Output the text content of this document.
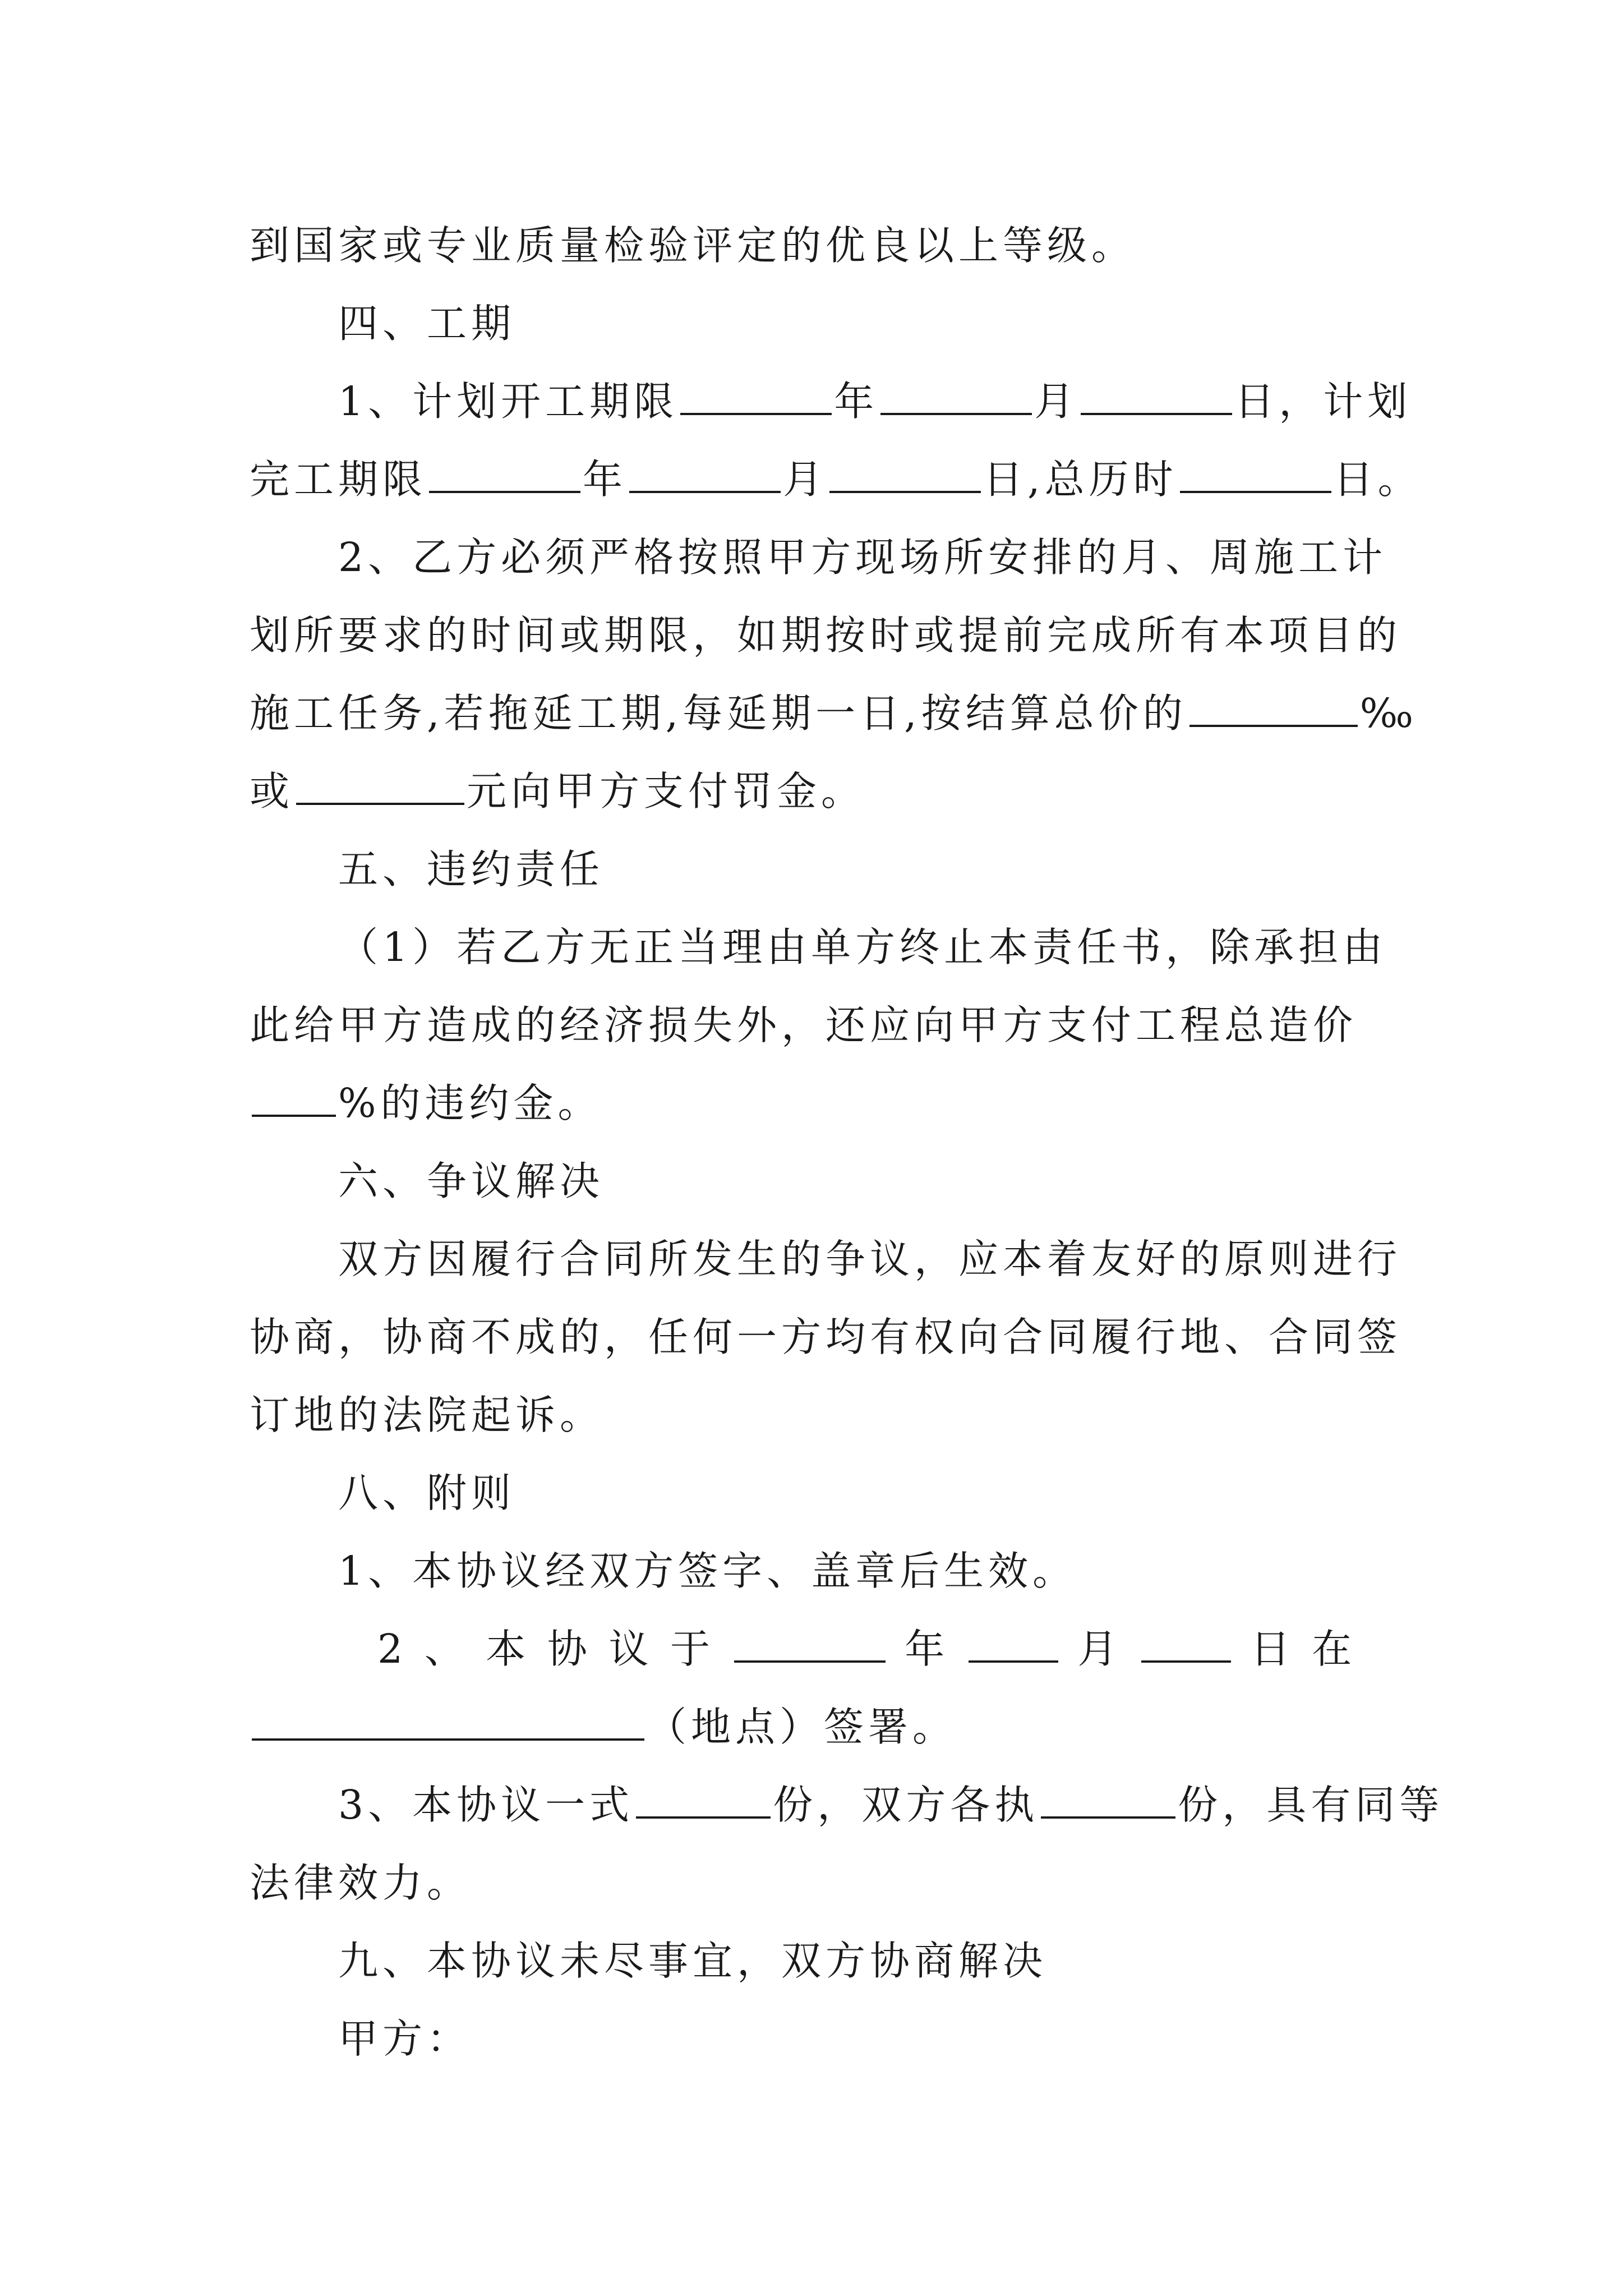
到国家或专业质量检验评定的优良以上等级。
四、工期
1、计划开工期限	年	月	日，计划
完工期限	年	月	日,总历时	日。
2、乙方必须严格按照甲方现场所安排的月、周施工计
划所要求的时间或期限，如期按时或提前完成所有本项目的
施工任务,若拖延工期,每延期一日,按结算总价的	‰
或	元向甲方支付罚金。
五、违约责任
（1）若乙方无正当理由单方终止本责任书，除承担由
此给甲方造成的经济损失外，还应向甲方支付工程总造价
%的违约金。
六、争议解决
双方因履行合同所发生的争议，应本着友好的原则进行
协商，协商不成的，任何一方均有权向合同履行地、合同签
订地的法院起诉。
八、附则
1、本协议经双方签字、盖章后生效。
2 、 本 协 议 于	年	月	日 在
（地点）签署。
3、本协议一式	份，双方各执	份，具有同等
法律效力。
九、本协议未尽事宜，双方协商解决
甲方：
